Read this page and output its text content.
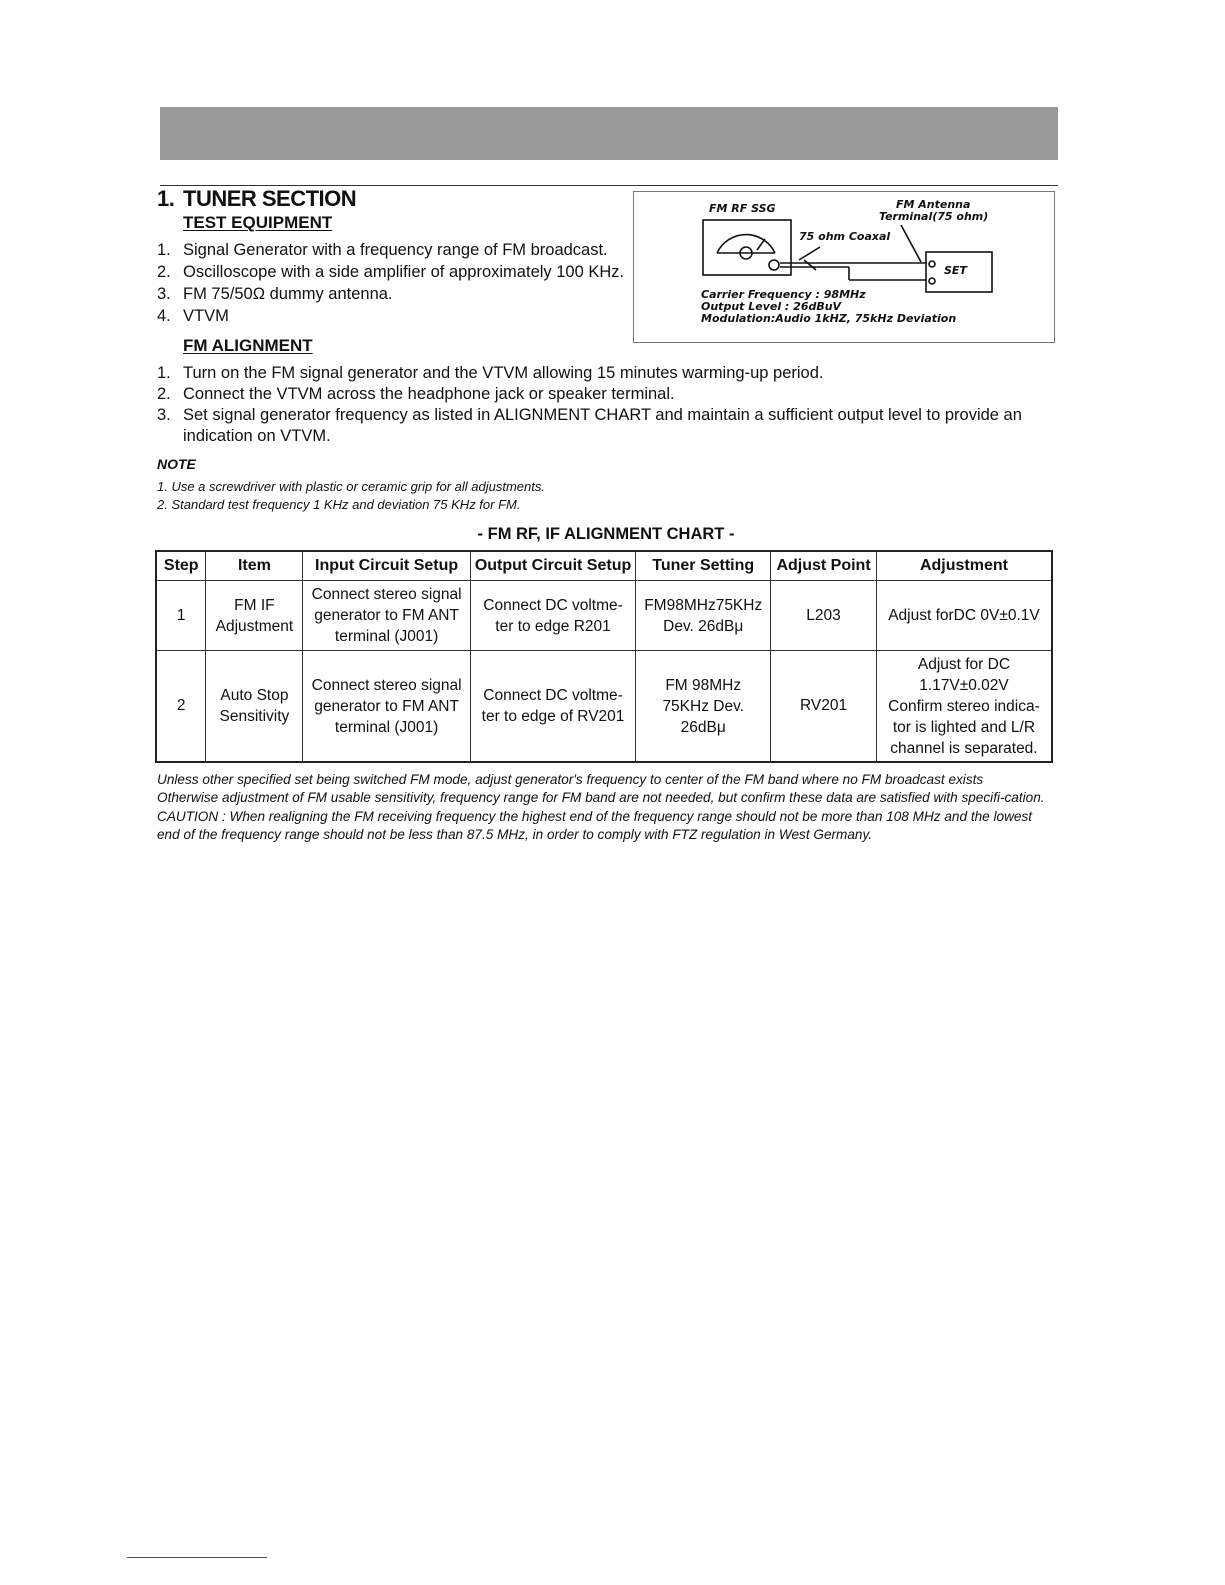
1. TUNER SECTION
TEST EQUIPMENT
1. Signal Generator with a frequency range of FM broadcast.
2. Oscilloscope with a side amplifier of approximately 100 KHz.
3. FM 75/50Ω dummy antenna.
4. VTVM
FM RF SSG	FM Antenna
Terminal(75 ohm)
75 ohm Coaxal
SET
Carrier Frequency : 98MHz
Output Level : 26dBuV
Modulation:Audio 1kHZ, 75kHz Deviation
FM ALIGNMENT
1. Turn on the FM signal generator and the VTVM allowing 15 minutes warming-up period.
2. Connect the VTVM across the headphone jack or speaker terminal.
3. Set signal generator frequency as listed in ALIGNMENT CHART and maintain a sufficient output level to provide an indication on VTVM.
NOTE
1. Use a screwdriver with plastic or ceramic grip for all adjustments.
2. Standard test frequency 1 KHz and deviation 75 KHz for FM.
- FM RF, IF ALIGNMENT CHART -
Step	Item	Input Circuit Setup	Output Circuit Setup	Tuner Setting	Adjust Point	Adjustment
1	FM IF
Adjustment	Connect stereo signal
generator to FM ANT
terminal (J001)	Connect DC voltme-
ter to edge R201	FM98MHz75KHz
Dev. 26dBμ	L203	Adjust forDC 0V±0.1V

2	Auto Stop
Sensitivity	Connect stereo signal
generator to FM ANT
terminal (J001)	Connect DC voltme-
ter to edge of RV201	FM 98MHz
75KHz Dev.
26dBμ	RV201	Adjust for DC
1.17V±0.02V
Confirm stereo indica-
tor is lighted and L/R
channel is separated.

Unless other specified set being switched FM mode, adjust generator's frequency to center of the FM band where no FM broadcast exists

Otherwise adjustment of FM usable sensitivity, frequency range for FM band are not needed, but confirm these data are satisfied with specifi-cation.

CAUTION : When realigning the FM receiving frequency the highest end of the frequency range should not be more than 108 MHz and the lowest end of the frequency range should not be less than 87.5 MHz, in order to comply with FTZ regulation in West Germany.
